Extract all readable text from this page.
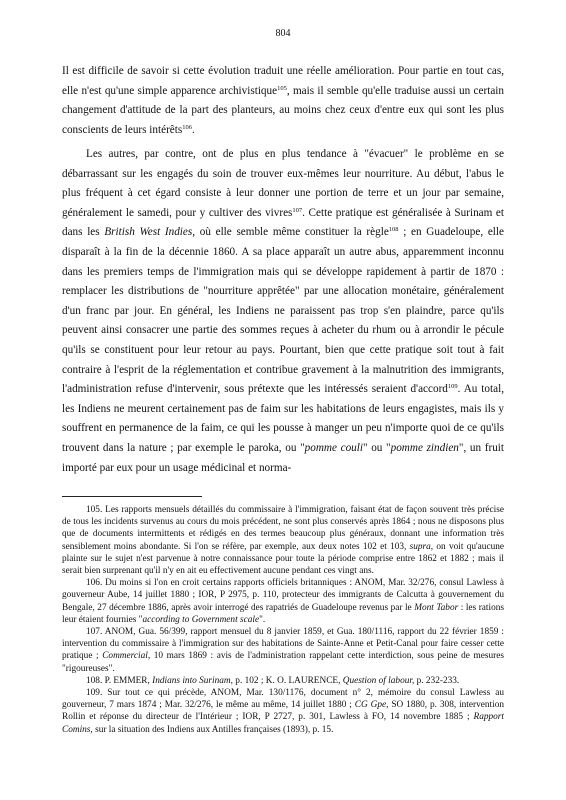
804

Il est difficile de savoir si cette évolution traduit une réelle amélioration. Pour partie en tout cas, elle n'est qu'une simple apparence archivistique$^{105}$, mais il semble qu'elle traduise aussi un certain changement d'attitude de la part des planteurs, au moins chez ceux d'entre eux qui sont les plus conscients de leurs intérêts$^{106}$.

Les autres, par contre, ont de plus en plus tendance à "évacuer" le problème en se débarrassant sur les engagés du soin de trouver eux-mêmes leur nourriture. Au début, l'abus le plus fréquent à cet égard consiste à leur donner une portion de terre et un jour par semaine, généralement le samedi, pour y cultiver des vivres$^{107}$. Cette pratique est généralisée à Surinam et dans les British West Indies, où elle semble même constituer la règle$^{108}$ ; en Guadeloupe, elle disparaît à la fin de la décennie 1860. A sa place apparaît un autre abus, apparemment inconnu dans les premiers temps de l'immigration mais qui se développe rapidement à partir de 1870 : remplacer les distributions de "nourriture apprêtée" par une allocation monétaire, généralement d'un franc par jour. En général, les Indiens ne paraissent pas trop s'en plaindre, parce qu'ils peuvent ainsi consacrer une partie des sommes reçues à acheter du rhum ou à arrondir le pécule qu'ils se constituent pour leur retour au pays. Pourtant, bien que cette pratique soit tout à fait contraire à l'esprit de la réglementation et contribue gravement à la malnutrition des immigrants, l'administration refuse d'intervenir, sous prétexte que les intéressés seraient d'accord$^{109}$. Au total, les Indiens ne meurent certainement pas de faim sur les habitations de leurs engagistes, mais ils y souffrent en permanence de la faim, ce qui les pousse à manger un peu n'importe quoi de ce qu'ils trouvent dans la nature ; par exemple le paroka, ou "pomme couli" ou "pomme zindien", un fruit importé par eux pour un usage médicinal et norma-

105. Les rapports mensuels détaillés du commissaire à l'immigration, faisant état de façon souvent très précise de tous les incidents survenus au cours du mois précédent, ne sont plus conservés après 1864 ; nous ne disposons plus que de documents intermittents et rédigés en des termes beaucoup plus généraux, donnant une information très sensiblement moins abondante. Si l'on se réfère, par exemple, aux deux notes 102 et 103, supra, on voit qu'aucune plainte sur le sujet n'est parvenue à notre connaissance pour toute la période comprise entre 1862 et 1882 ; mais il serait bien surprenant qu'il n'y en ait eu effectivement aucune pendant ces vingt ans.

106. Du moins si l'on en croit certains rapports officiels britanniques : ANOM, Mar. 32/276, consul Lawless à gouverneur Aube, 14 juillet 1880 ; IOR, P 2975, p. 110, protecteur des immigrants de Calcutta à gouvernement du Bengale, 27 décembre 1886, après avoir interrogé des rapatriés de Guadeloupe revenus par le Mont Tabor : les rations leur étaient fournies "according to Government scale".

107. ANOM, Gua. 56/399, rapport mensuel du 8 janvier 1859, et Gua. 180/1116, rapport du 22 février 1859 : intervention du commissaire à l'immigration sur des habitations de Sainte-Anne et Petit-Canal pour faire cesser cette pratique ; Commercial, 10 mars 1869 : avis de l'administration rappelant cette interdiction, sous peine de mesures "rigoureuses".

108. P. EMMER, Indians into Surinam, p. 102 ; K. O. LAURENCE, Question of labour, p. 232-233.

109. Sur tout ce qui précède, ANOM, Mar. 130/1176, document n° 2, mémoire du consul Lawless au gouverneur, 7 mars 1874 ; Mar. 32/276, le même au même, 14 juillet 1880 ; CG Gpe, SO 1880, p. 308, intervention Rollin et réponse du directeur de l'Intérieur ; IOR, P 2727, p. 301, Lawless à FO, 14 novembre 1885 ; Rapport Comins, sur la situation des Indiens aux Antilles françaises (1893), p. 15.
